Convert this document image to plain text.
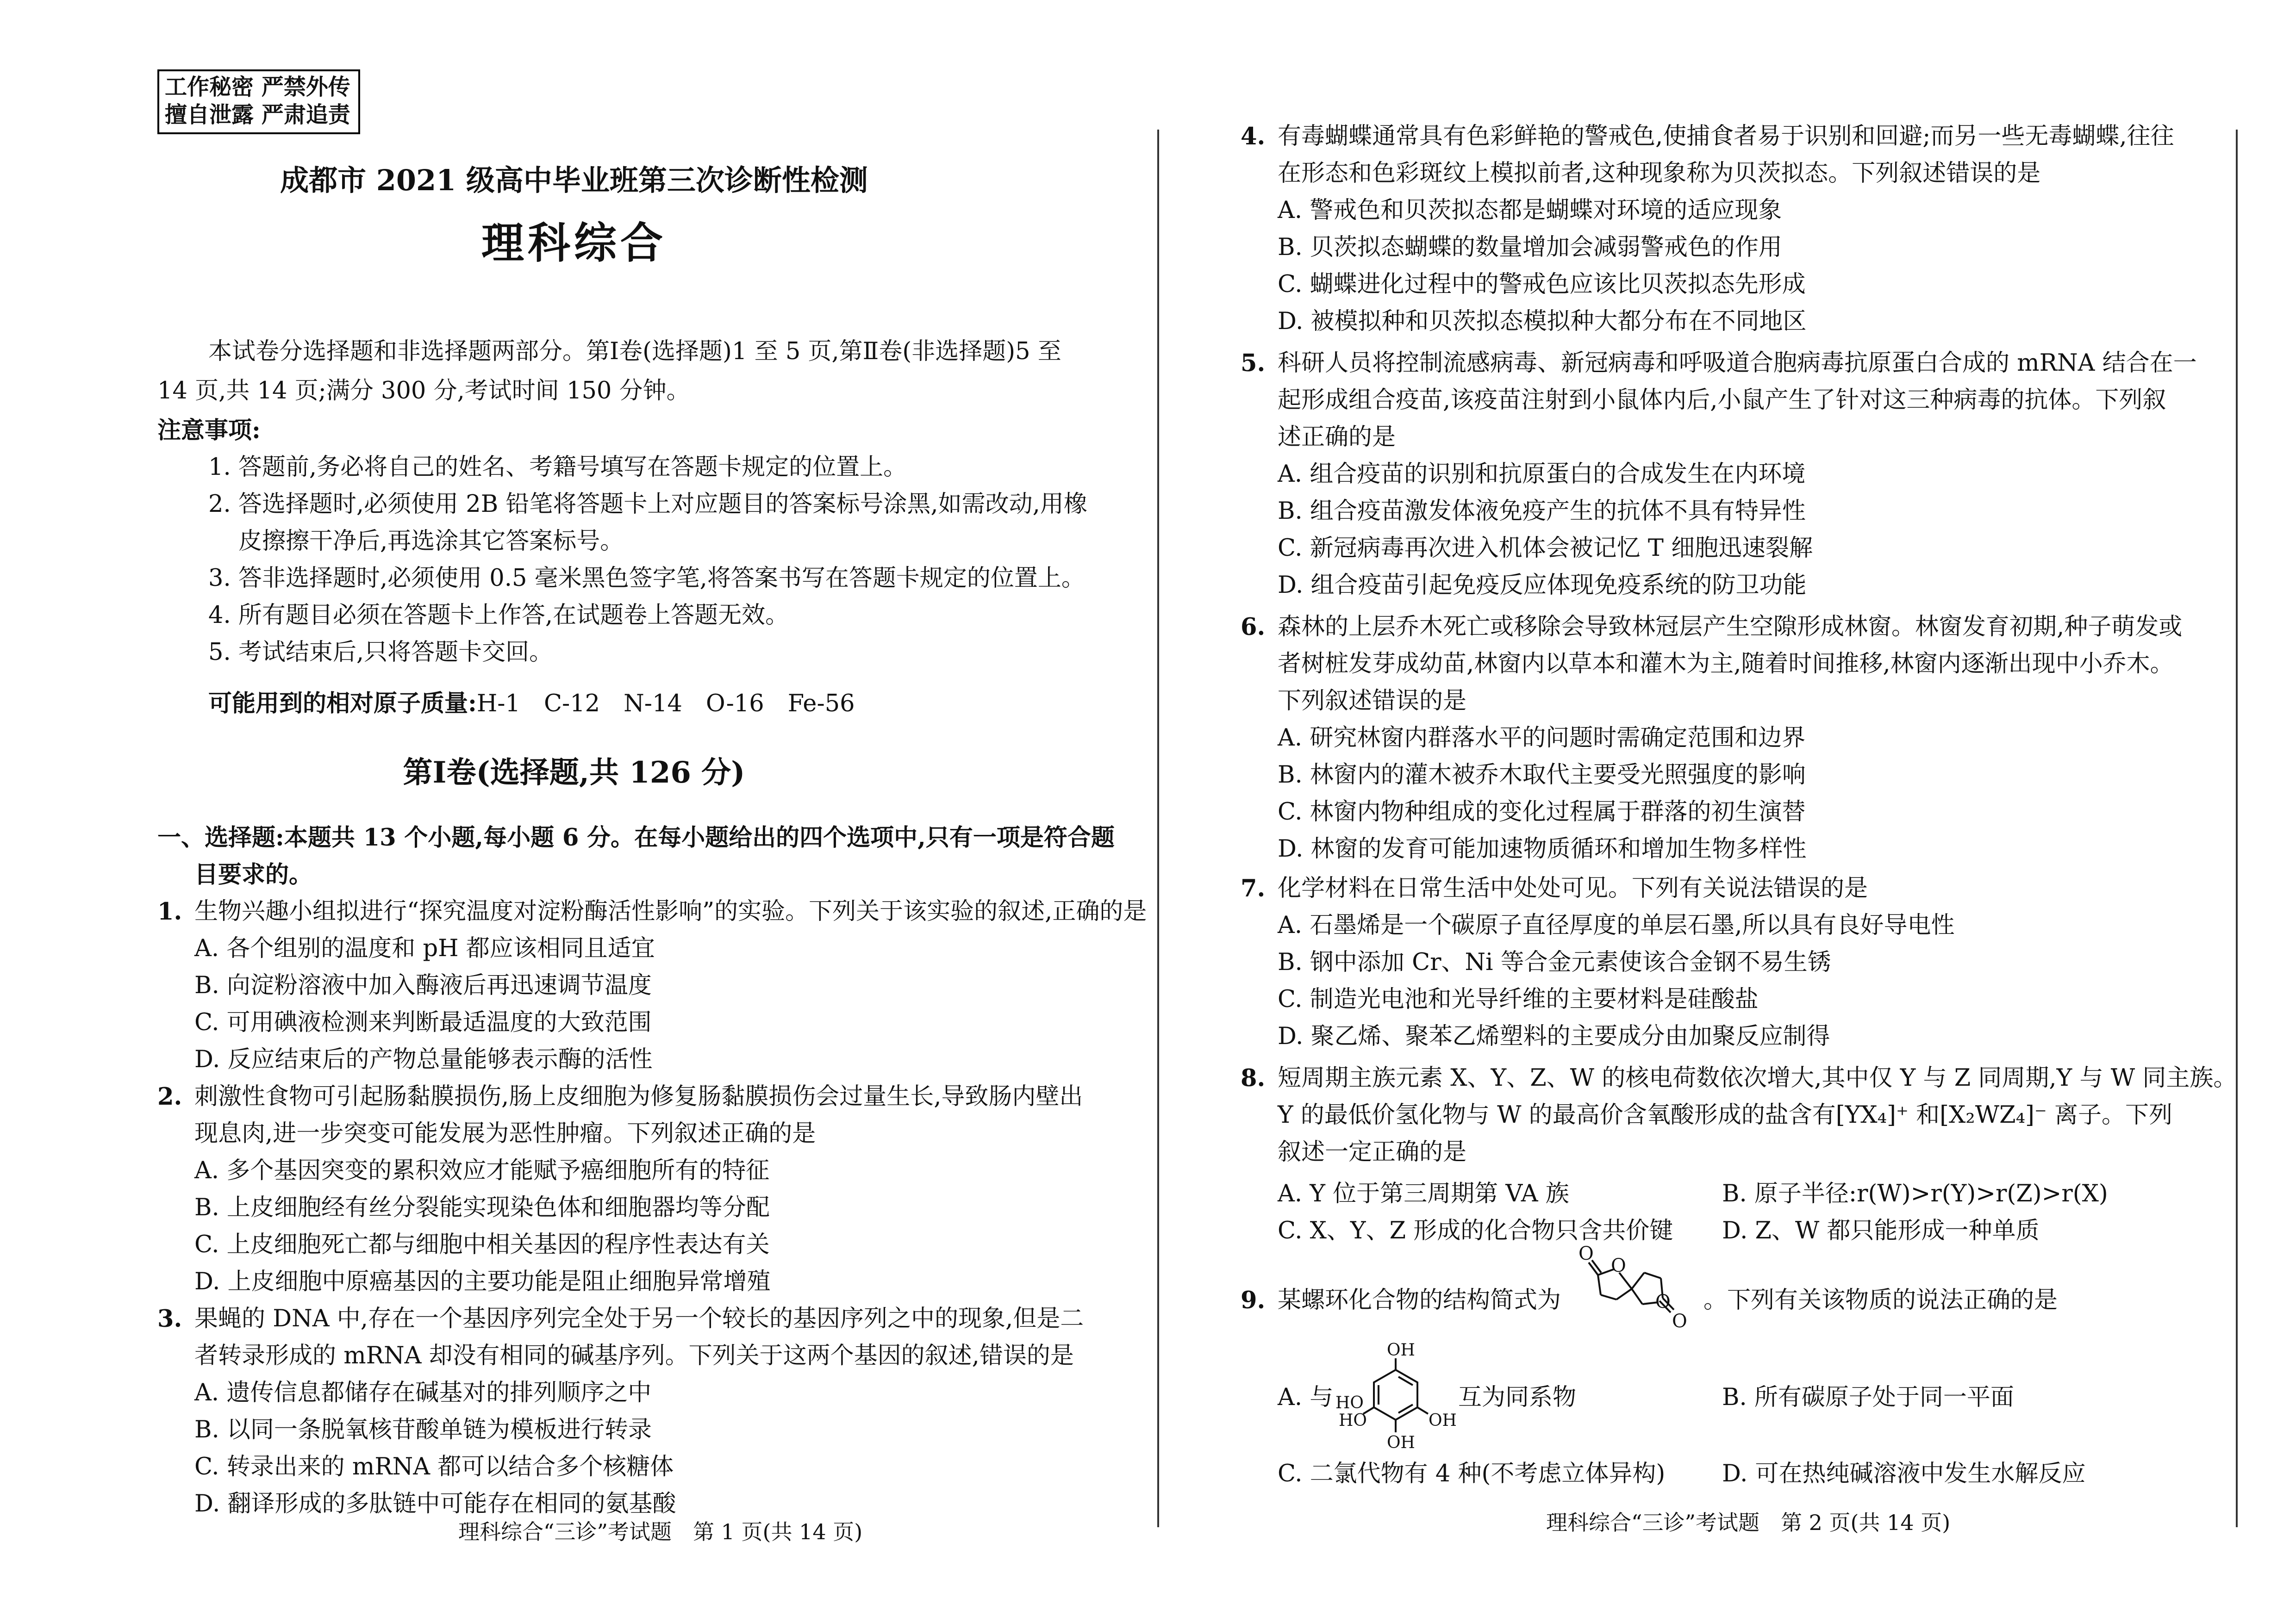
工作秘密 严禁外传
擅自泄露 严肃追责
成都市 2021 级高中毕业班第三次诊断性检测
理科综合
本试卷分选择题和非选择题两部分。第Ⅰ卷(选择题)1 至 5 页,第Ⅱ卷(非选择题)5 至
14 页,共 14 页;满分 300 分,考试时间 150 分钟。
注意事项:
1. 答题前,务必将自己的姓名、考籍号填写在答题卡规定的位置上。
2. 答选择题时,必须使用 2B 铅笔将答题卡上对应题目的答案标号涂黑,如需改动,用橡
皮擦擦干净后,再选涂其它答案标号。
3. 答非选择题时,必须使用 0.5 毫米黑色签字笔,将答案书写在答题卡规定的位置上。
4. 所有题目必须在答题卡上作答,在试题卷上答题无效。
5. 考试结束后,只将答题卡交回。
可能用到的相对原子质量:H-1　C-12　N-14　O-16　Fe-56
第Ⅰ卷(选择题,共 126 分)
一、选择题:本题共 13 个小题,每小题 6 分。在每小题给出的四个选项中,只有一项是符合题
目要求的。
1. 生物兴趣小组拟进行“探究温度对淀粉酶活性影响”的实验。下列关于该实验的叙述,正确的是
A. 各个组别的温度和 pH 都应该相同且适宜
B. 向淀粉溶液中加入酶液后再迅速调节温度
C. 可用碘液检测来判断最适温度的大致范围
D. 反应结束后的产物总量能够表示酶的活性
2. 刺激性食物可引起肠黏膜损伤,肠上皮细胞为修复肠黏膜损伤会过量生长,导致肠内壁出
现息肉,进一步突变可能发展为恶性肿瘤。下列叙述正确的是
A. 多个基因突变的累积效应才能赋予癌细胞所有的特征
B. 上皮细胞经有丝分裂能实现染色体和细胞器均等分配
C. 上皮细胞死亡都与细胞中相关基因的程序性表达有关
D. 上皮细胞中原癌基因的主要功能是阻止细胞异常增殖
3. 果蝇的 DNA 中,存在一个基因序列完全处于另一个较长的基因序列之中的现象,但是二
者转录形成的 mRNA 却没有相同的碱基序列。下列关于这两个基因的叙述,错误的是
A. 遗传信息都储存在碱基对的排列顺序之中
B. 以同一条脱氧核苷酸单链为模板进行转录
C. 转录出来的 mRNA 都可以结合多个核糖体
D. 翻译形成的多肽链中可能存在相同的氨基酸
理科综合“三诊”考试题　第 1 页(共 14 页)
4. 有毒蝴蝶通常具有色彩鲜艳的警戒色,使捕食者易于识别和回避;而另一些无毒蝴蝶,往往
在形态和色彩斑纹上模拟前者,这种现象称为贝茨拟态。下列叙述错误的是
A. 警戒色和贝茨拟态都是蝴蝶对环境的适应现象
B. 贝茨拟态蝴蝶的数量增加会减弱警戒色的作用
C. 蝴蝶进化过程中的警戒色应该比贝茨拟态先形成
D. 被模拟种和贝茨拟态模拟种大都分布在不同地区
5. 科研人员将控制流感病毒、新冠病毒和呼吸道合胞病毒抗原蛋白合成的 mRNA 结合在一
起形成组合疫苗,该疫苗注射到小鼠体内后,小鼠产生了针对这三种病毒的抗体。下列叙
述正确的是
A. 组合疫苗的识别和抗原蛋白的合成发生在内环境
B. 组合疫苗激发体液免疫产生的抗体不具有特异性
C. 新冠病毒再次进入机体会被记忆 T 细胞迅速裂解
D. 组合疫苗引起免疫反应体现免疫系统的防卫功能
6. 森林的上层乔木死亡或移除会导致林冠层产生空隙形成林窗。林窗发育初期,种子萌发或
者树桩发芽成幼苗,林窗内以草本和灌木为主,随着时间推移,林窗内逐渐出现中小乔木。
下列叙述错误的是
A. 研究林窗内群落水平的问题时需确定范围和边界
B. 林窗内的灌木被乔木取代主要受光照强度的影响
C. 林窗内物种组成的变化过程属于群落的初生演替
D. 林窗的发育可能加速物质循环和增加生物多样性
7. 化学材料在日常生活中处处可见。下列有关说法错误的是
A. 石墨烯是一个碳原子直径厚度的单层石墨,所以具有良好导电性
B. 钢中添加 Cr、Ni 等合金元素使该合金钢不易生锈
C. 制造光电池和光导纤维的主要材料是硅酸盐
D. 聚乙烯、聚苯乙烯塑料的主要成分由加聚反应制得
8. 短周期主族元素 X、Y、Z、W 的核电荷数依次增大,其中仅 Y 与 Z 同周期,Y 与 W 同主族。
Y 的最低价氢化物与 W 的最高价含氧酸形成的盐含有[YX₄]⁺ 和[X₂WZ₄]⁻ 离子。下列
叙述一定正确的是
A. Y 位于第三周期第 VA 族	B. 原子半径:r(W)>r(Y)>r(Z)>r(X)
C. X、Y、Z 形成的化合物只含共价键 D. Z、W 都只能形成一种单质
9. 某螺环化合物的结构简式为
O
O
O
O
。下列有关该物质的说法正确的是
A. 与
OH
HO
HO	OH
OH
互为同系物	B. 所有碳原子处于同一平面
C. 二氯代物有 4 种(不考虑立体异构) D. 可在热纯碱溶液中发生水解反应
理科综合“三诊”考试题　第 2 页(共 14 页)
